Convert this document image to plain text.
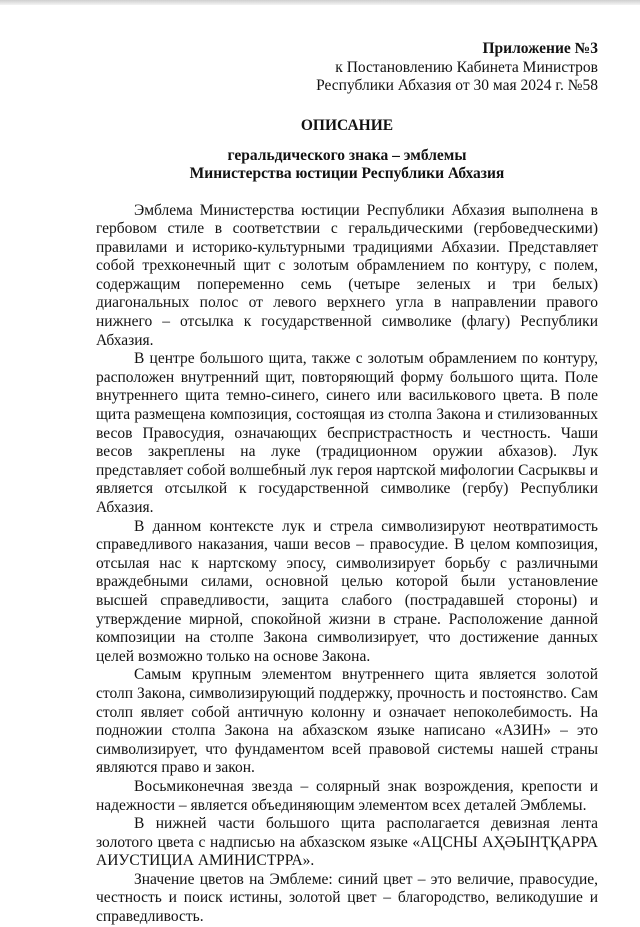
Приложение №3
к Постановлению Кабинета Министров
Республики Абхазия от 30 мая 2024 г. №58
ОПИСАНИЕ
геральдического знака – эмблемы
Министерства юстиции Республики Абхазия

Эмблема Министерства юстиции Республики Абхазия выполнена в гербовом стиле в соответствии с геральдическими (гербоведческими) правилами и историко-культурными традициями Абхазии. Представляет собой трехконечный щит с золотым обрамлением по контуру, с полем, содержащим попеременно семь (четыре зеленых и три белых) диагональных полос от левого верхнего угла в направлении правого нижнего – отсылка к государственной символике (флагу) Республики Абхазия.

В центре большого щита, также с золотым обрамлением по контуру, расположен внутренний щит, повторяющий форму большого щита. Поле внутреннего щита темно-синего, синего или василькового цвета. В поле щита размещена композиция, состоящая из столпа Закона и стилизованных весов Правосудия, означающих беспристрастность и честность. Чаши весов закреплены на луке (традиционном оружии абхазов). Лук представляет собой волшебный лук героя нартской мифологии Сасрыквы и является отсылкой к государственной символике (гербу) Республики Абхазия.

В данном контексте лук и стрела символизируют неотвратимость справедливого наказания, чаши весов – правосудие. В целом композиция, отсылая нас к нартскому эпосу, символизирует борьбу с различными враждебными силами, основной целью которой были установление высшей справедливости, защита слабого (пострадавшей стороны) и утверждение мирной, спокойной жизни в стране. Расположение данной композиции на столпе Закона символизирует, что достижение данных целей возможно только на основе Закона.

Самым крупным элементом внутреннего щита является золотой столп Закона, символизирующий поддержку, прочность и постоянство. Сам столп являет собой античную колонну и означает непоколебимость. На подножии столпа Закона на абхазском языке написано «АЗИН» – это символизирует, что фундаментом всей правовой системы нашей страны являются право и закон.

Восьмиконечная звезда – солярный знак возрождения, крепости и надежности – является объединяющим элементом всех деталей Эмблемы.

В нижней части большого щита располагается девизная лента золотого цвета с надписью на абхазском языке «АЦСНЫ АҲӘЫНҬҚАРРА АИУСТИЦИА АМИНИСТРРА».

Значение цветов на Эмблеме: синий цвет – это величие, правосудие, честность и поиск истины, золотой цвет – благородство, великодушие и справедливость.
